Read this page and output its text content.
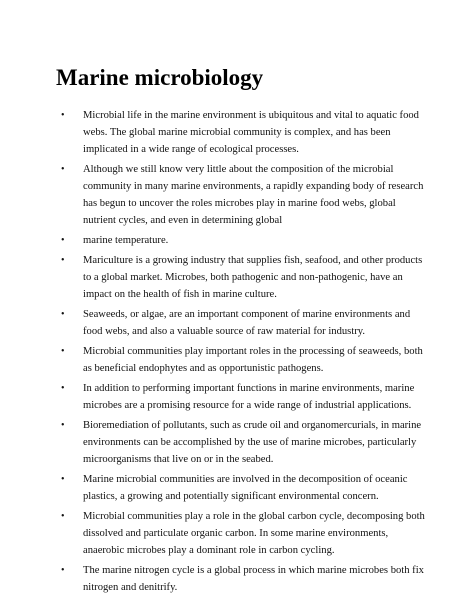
Marine microbiology
• Microbial life in the marine environment is ubiquitous and vital to aquatic food webs. The global marine microbial community is complex, and has been implicated in a wide range of ecological processes.
• Although we still know very little about the composition of the microbial community in many marine environments, a rapidly expanding body of research has begun to uncover the roles microbes play in marine food webs, global nutrient cycles, and even in determining global
• marine temperature.
• Mariculture is a growing industry that supplies fish, seafood, and other products to a global market. Microbes, both pathogenic and non-pathogenic, have an impact on the health of fish in marine culture.
• Seaweeds, or algae, are an important component of marine environments and food webs, and also a valuable source of raw material for industry.
• Microbial communities play important roles in the processing of seaweeds, both as beneficial endophytes and as opportunistic pathogens.
• In addition to performing important functions in marine environments, marine microbes are a promising resource for a wide range of industrial applications.
• Bioremediation of pollutants, such as crude oil and organomercurials, in marine environments can be accomplished by the use of marine microbes, particularly microorganisms that live on or in the seabed.
• Marine microbial communities are involved in the decomposition of oceanic plastics, a growing and potentially significant environmental concern.
• Microbial communities play a role in the global carbon cycle, decomposing both dissolved and particulate organic carbon. In some marine environments, anaerobic microbes play a dominant role in carbon cycling.
• The marine nitrogen cycle is a global process in which marine microbes both fix nitrogen and denitrify.
